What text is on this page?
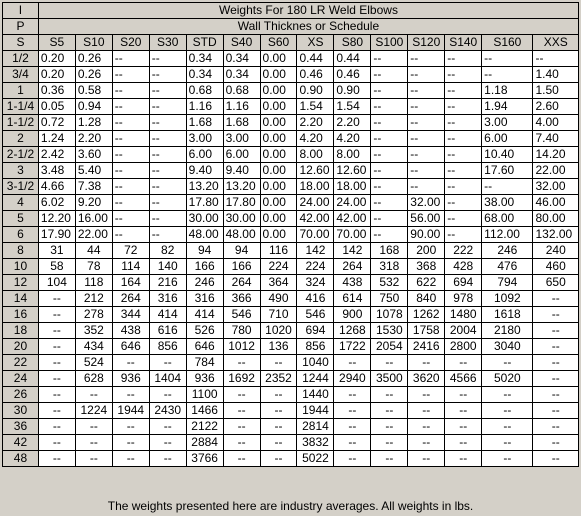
I	Weights For 180 LR Weld Elbows													
P	Wall Thicknes or Schedule													
S	S5	S10	S20	S30	STD	S40	S60	XS	S80	S100	S120	S140	S160	XXS
1/2	0.20	0.26	--	--	0.34	0.34	0.00	0.44	0.44	--	--	--	--	--
3/4	0.20	0.26	--	--	0.34	0.34	0.00	0.46	0.46	--	--	--	--	1.40
1	0.36	0.58	--	--	0.68	0.68	0.00	0.90	0.90	--	--	--	1.18	1.50
1-1/4	0.05	0.94	--	--	1.16	1.16	0.00	1.54	1.54	--	--	--	1.94	2.60
1-1/2	0.72	1.28	--	--	1.68	1.68	0.00	2.20	2.20	--	--	--	3.00	4.00
2	1.24	2.20	--	--	3.00	3.00	0.00	4.20	4.20	--	--	--	6.00	7.40
2-1/2	2.42	3.60	--	--	6.00	6.00	0.00	8.00	8.00	--	--	--	10.40	14.20
3	3.48	5.40	--	--	9.40	9.40	0.00	12.60	12.60	--	--	--	17.60	22.00
3-1/2	4.66	7.38	--	--	13.20	13.20	0.00	18.00	18.00	--	--	--	--	32.00
4	6.02	9.20	--	--	17.80	17.80	0.00	24.00	24.00	--	32.00	--	38.00	46.00
5	12.20	16.00	--	--	30.00	30.00	0.00	42.00	42.00	--	56.00	--	68.00	80.00
6	17.90	22.00	--	--	48.00	48.00	0.00	70.00	70.00	--	90.00	--	112.00	132.00
8	31	44	72	82	94	94	116	142	142	168	200	222	246	240
10	58	78	114	140	166	166	224	224	264	318	368	428	476	460
12	104	118	164	216	246	264	364	324	438	532	622	694	794	650
14	--	212	264	316	316	366	490	416	614	750	840	978	1092	--
16	--	278	344	414	414	546	710	546	900	1078	1262	1480	1618	--
18	--	352	438	616	526	780	1020	694	1268	1530	1758	2004	2180	--
20	--	434	646	856	646	1012	136	856	1722	2054	2416	2800	3040	--
22	--	524	--	--	784	--	--	1040	--	--	--	--	--	--
24	--	628	936	1404	936	1692	2352	1244	2940	3500	3620	4566	5020	--
26	--	--	--	--	1100	--	--	1440	--	--	--	--	--	--
30	--	1224	1944	2430	1466	--	--	1944	--	--	--	--	--	--
36	--	--	--	--	2122	--	--	2814	--	--	--	--	--	--
42	--	--	--	--	2884	--	--	3832	--	--	--	--	--	--
48	--	--	--	--	3766	--	--	5022	--	--	--	--	--	--
The weights presented here are industry averages. All weights in lbs.
